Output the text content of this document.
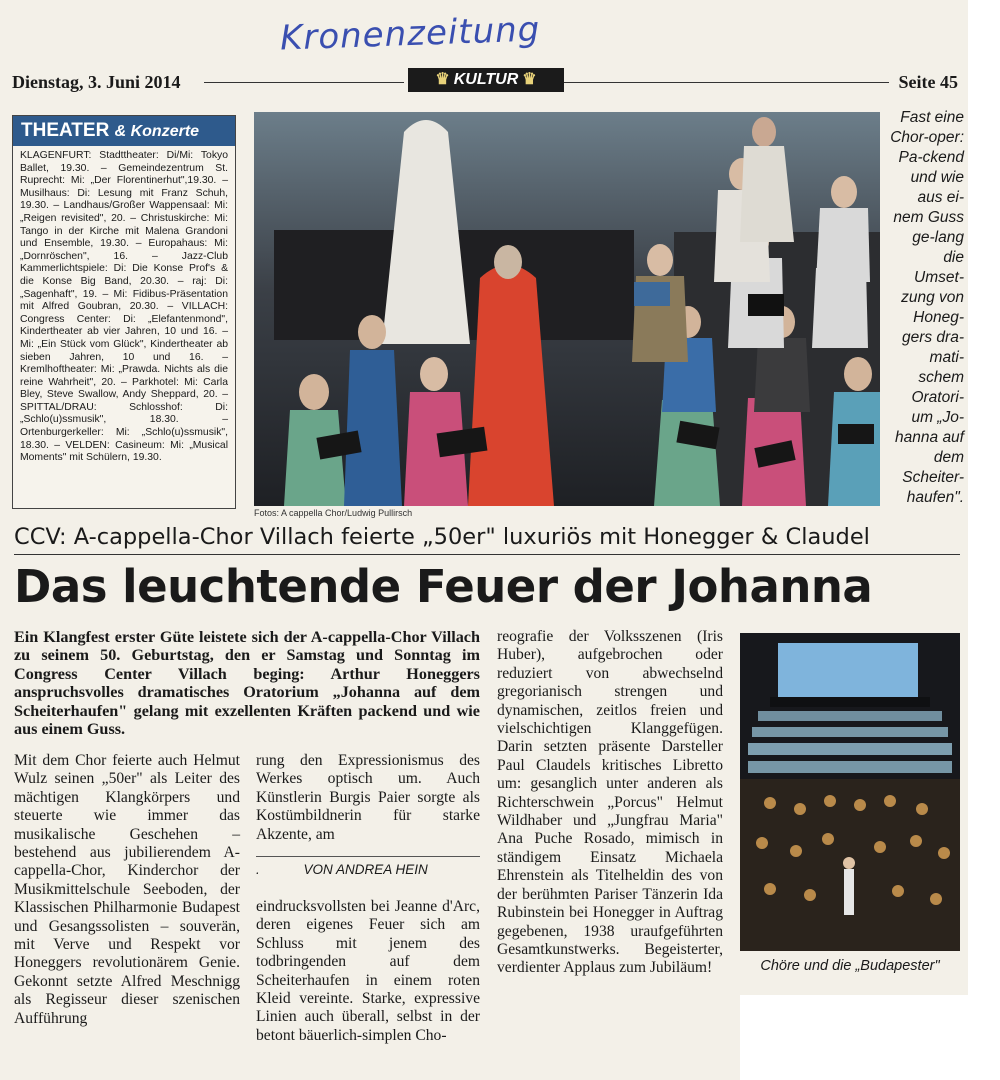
Kronenzeitung
Dienstag, 3. Juni 2014	♛ KULTUR ♛	Seite 45
THEATER & Konzerte
KLAGENFURT: Stadttheater: Di/Mi: Tokyo Ballet, 19.30. – Gemeindezentrum St. Ruprecht: Mi: „Der Florentinerhut",19.30. – Musilhaus: Di: Lesung mit Franz Schuh, 19.30. – Landhaus/Großer Wappensaal: Mi: „Reigen revisited", 20. – Christuskirche: Mi: Tango in der Kirche mit Malena Grandoni und Ensemble, 19.30. – Europahaus: Mi: „Dornröschen", 16. – Jazz-Club Kammerlichtspiele: Di: Die Konse Prof's & die Konse Big Band, 20.30. – raj: Di: „Sagenhaft", 19. – Mi: Fidibus-Präsentation mit Alfred Goubran, 20.30. – VILLACH: Congress Center: Di: „Elefantenmond", Kindertheater ab vier Jahren, 10 und 16. – Mi: „Ein Stück vom Glück", Kindertheater ab sieben Jahren, 10 und 16. – Kremlhoftheater: Mi: „Prawda. Nichts als die reine Wahrheit", 20. – Parkhotel: Mi: Carla Bley, Steve Swallow, Andy Sheppard, 20. – SPITTAL/DRAU: Schlosshof: Di: „Schlo(u)ssmusik", 18.30. – Ortenburgerkeller: Mi: „Schlo(u)ssmusik", 18.30. – VELDEN: Casineum: Mi: „Musical Moments" mit Schülern, 19.30.
Fotos: A cappella Chor/Ludwig Pullirsch
Fast eine Chor-oper: Pa-ckend und wie aus ei-nem Guss ge-lang die Umset-zung von Honeg-gers dra-mati-schem Oratori-um „Jo-hanna auf dem Scheiter-haufen".
CCV: A-cappella-Chor Villach feierte „50er" luxuriös mit Honegger & Claudel
Das leuchtende Feuer der Johanna
Ein Klangfest erster Güte leistete sich der A-cappella-Chor Villach zu seinem 50. Geburtstag, den er Samstag und Sonntag im Congress Center Villach beging: Arthur Honeggers anspruchsvolles dramatisches Oratorium „Johanna auf dem Scheiterhaufen" gelang mit exzellenten Kräften packend und wie aus einem Guss.
Mit dem Chor feierte auch Helmut Wulz seinen „50er" als Leiter des mächtigen Klangkörpers und steuerte wie immer das musikalische Geschehen – bestehend aus jubilierendem A-cappella-Chor, Kinderchor der Musikmittelschule Seeboden, der Klassischen Philharmonie Budapest und Gesangssolisten – souverän, mit Verve und Respekt vor Honeggers revolutionärem Genie. Gekonnt setzte Alfred Meschnigg als Regisseur dieser szenischen Aufführung
rung den Expressionismus des Werkes optisch um. Auch Künstlerin Burgis Paier sorgte als Kostümbildnerin für starke Akzente, am
.	VON ANDREA HEIN
eindrucksvollsten bei Jeanne d'Arc, deren eigenes Feuer sich am Schluss mit jenem des todbringenden auf dem Scheiterhaufen in einem roten Kleid vereinte. Starke, expressive Linien auch überall, selbst in der betont bäuerlich-simplen Cho-
reografie der Volksszenen (Iris Huber), aufgebrochen oder reduziert von abwechselnd gregorianisch strengen und dynamischen, zeitlos freien und vielschichtigen Klanggefügen. Darin setzten präsente Darsteller Paul Claudels kritisches Libretto um: gesanglich unter anderen als Richterschwein „Porcus" Helmut Wildhaber und „Jungfrau Maria" Ana Puche Rosado, mimisch in ständigem Einsatz Michaela Ehrenstein als Titelheldin des von der berühmten Pariser Tänzerin Ida Rubinstein bei Honegger in Auftrag gegebenen, 1938 uraufgeführten Gesamtkunstwerks. Begeisterter, verdienter Applaus zum Jubiläum!	Chöre und die „Budapester"
